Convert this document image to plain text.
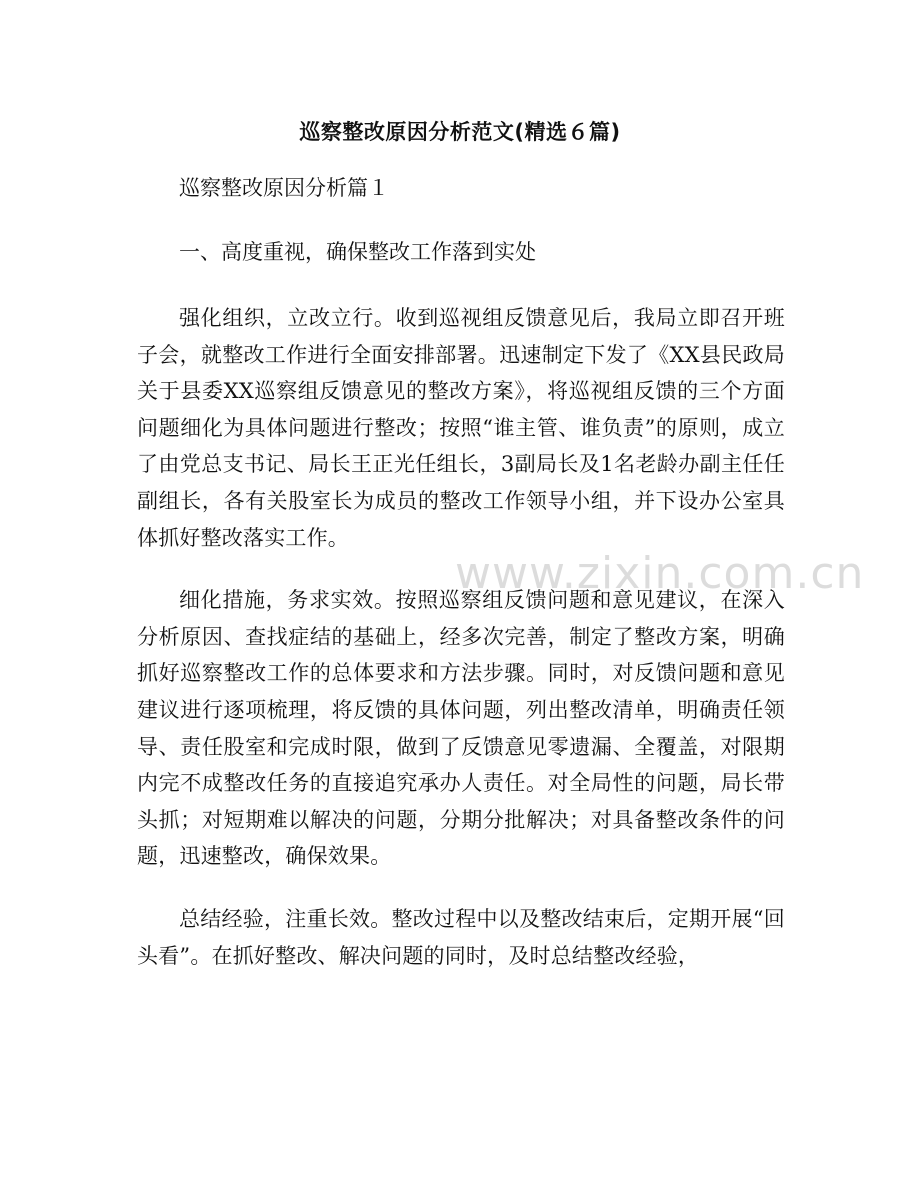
巡察整改原因分析范文(精选６篇)

巡察整改原因分析篇１

一、高度重视，确保整改工作落到实处

强化组织，立改立行。收到巡视组反馈意见后，我局立即召开班子会，就整改工作进行全面安排部署。迅速制定下发了《XX县民政局关于县委XX巡察组反馈意见的整改方案》，将巡视组反馈的三个方面问题细化为具体问题进行整改；按照“谁主管、谁负责”的原则，成立了由党总支书记、局长王正光任组长，3副局长及1名老龄办副主任任副组长，各有关股室长为成员的整改工作领导小组，并下设办公室具体抓好整改落实工作。

细化措施，务求实效。按照巡察组反馈问题和意见建议，在深入分析原因、查找症结的基础上，经多次完善，制定了整改方案，明确抓好巡察整改工作的总体要求和方法步骤。同时，对反馈问题和意见建议进行逐项梳理，将反馈的具体问题，列出整改清单，明确责任领导、责任股室和完成时限，做到了反馈意见零遗漏、全覆盖，对限期内完不成整改任务的直接追究承办人责任。对全局性的问题，局长带头抓；对短期难以解决的问题，分期分批解决；对具备整改条件的问题，迅速整改，确保效果。

总结经验，注重长效。整改过程中以及整改结束后，定期开展“回头看”。在抓好整改、解决问题的同时，及时总结整改经验，

www.zixin.com.cn
